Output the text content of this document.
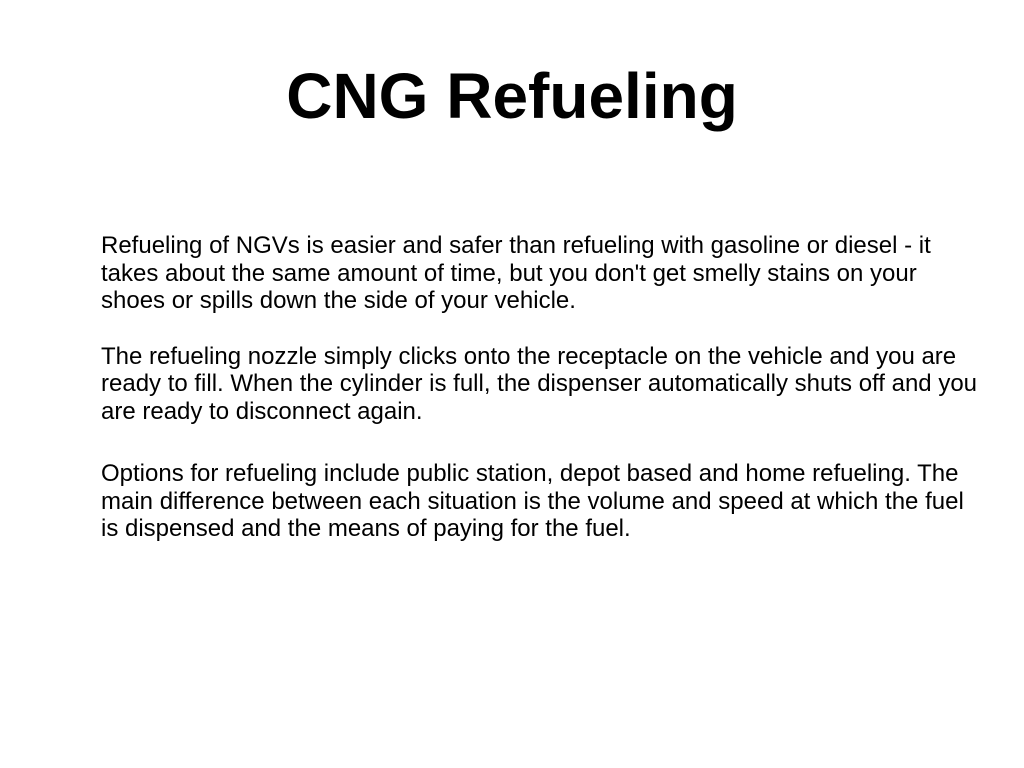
CNG Refueling

Refueling of NGVs is easier and safer than refueling with gasoline or diesel - it takes about the same amount of time, but you don't get smelly stains on your shoes or spills down the side of your vehicle.

The refueling nozzle simply clicks onto the receptacle on the vehicle and you are ready to fill. When the cylinder is full, the dispenser automatically shuts off and you are ready to disconnect again.

Options for refueling include public station, depot based and home refueling. The main difference between each situation is the volume and speed at which the fuel is dispensed and the means of paying for the fuel.
